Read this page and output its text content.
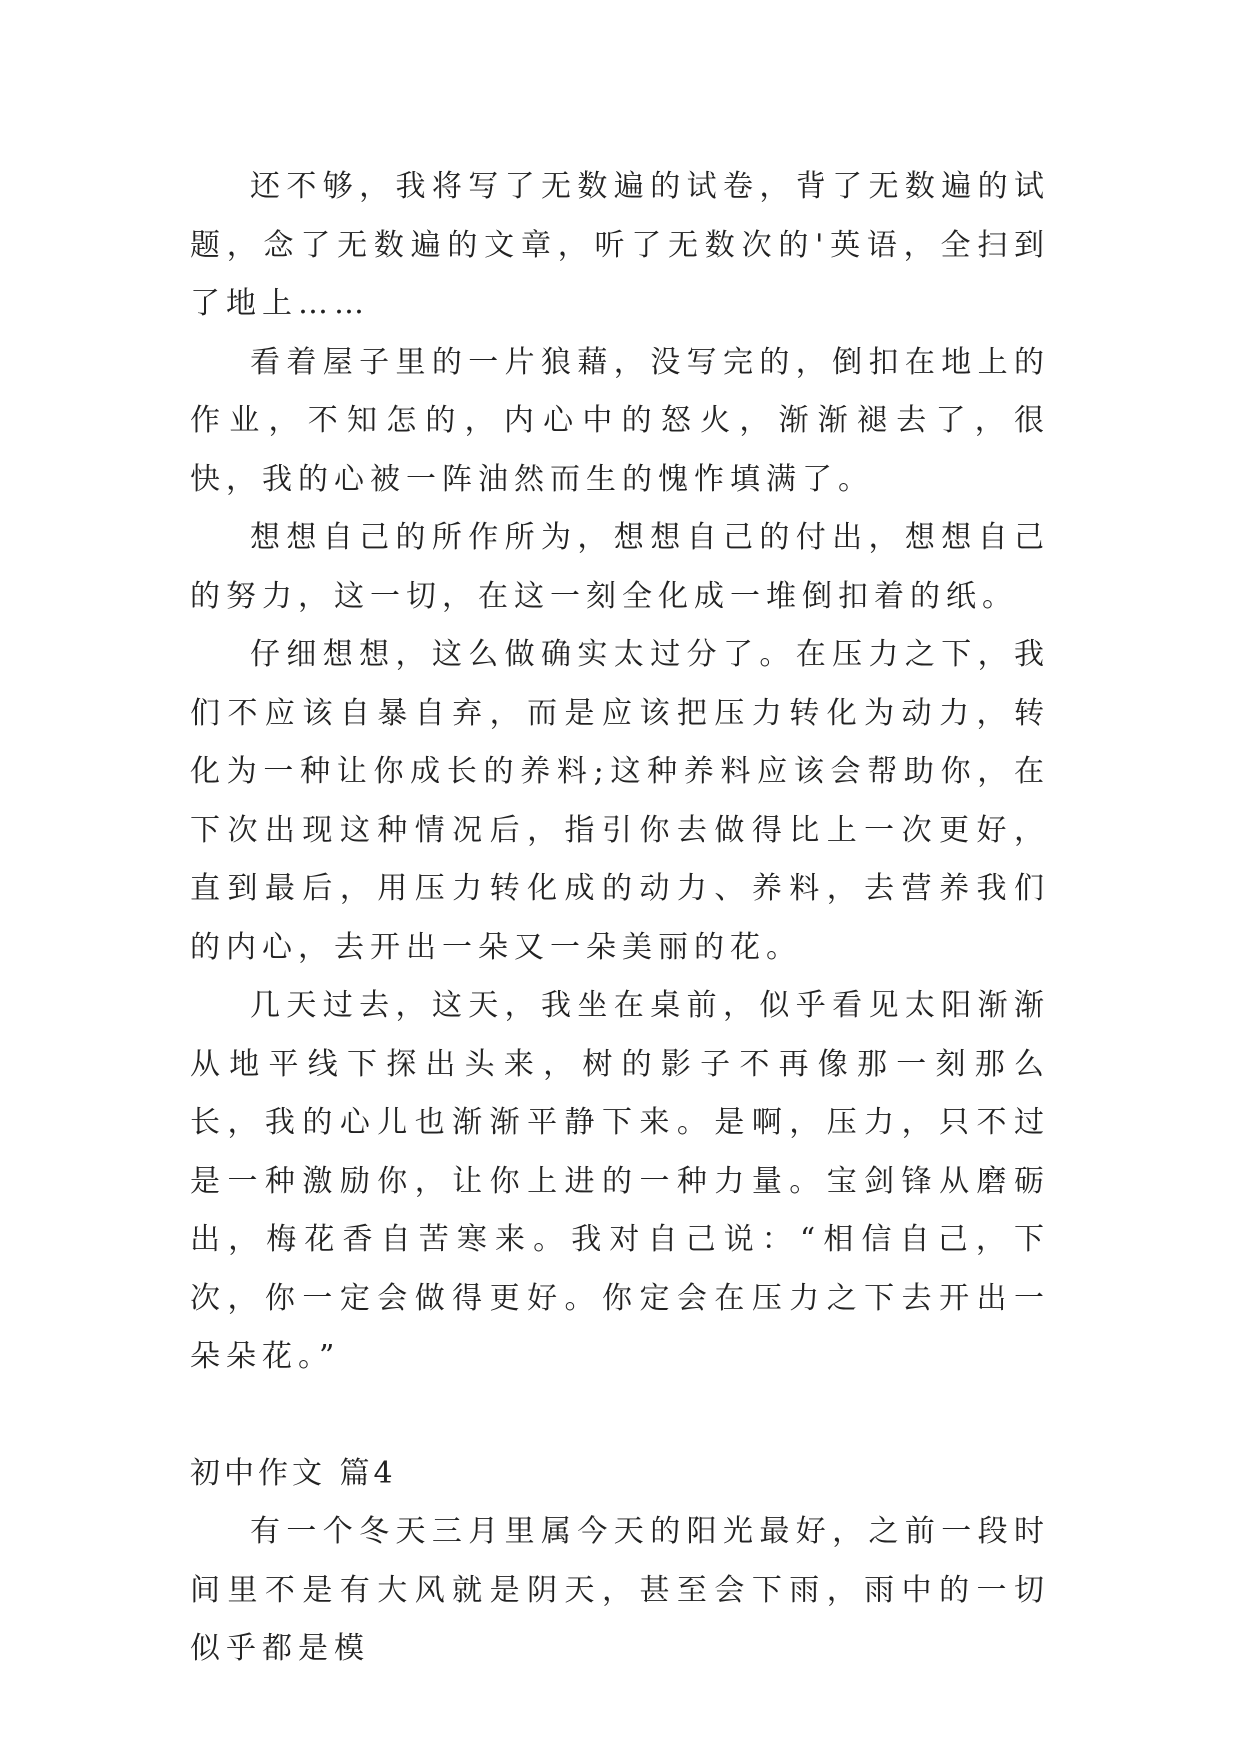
还不够，我将写了无数遍的试卷，背了无数遍的试题，念了无数遍的文章，听了无数次的'英语，全扫到了地上……

看着屋子里的一片狼藉，没写完的，倒扣在地上的作业，不知怎的，内心中的怒火，渐渐褪去了，很快，我的心被一阵油然而生的愧怍填满了。

想想自己的所作所为，想想自己的付出，想想自己的努力，这一切，在这一刻全化成一堆倒扣着的纸。

仔细想想，这么做确实太过分了。在压力之下，我们不应该自暴自弃，而是应该把压力转化为动力，转化为一种让你成长的养料;这种养料应该会帮助你，在下次出现这种情况后，指引你去做得比上一次更好，直到最后，用压力转化成的动力、养料，去营养我们的内心，去开出一朵又一朵美丽的花。

几天过去，这天，我坐在桌前，似乎看见太阳渐渐从地平线下探出头来，树的影子不再像那一刻那么长，我的心儿也渐渐平静下来。是啊，压力，只不过是一种激励你，让你上进的一种力量。宝剑锋从磨砺出，梅花香自苦寒来。我对自己说：“相信自己，下次，你一定会做得更好。你定会在压力之下去开出一朵朵花。”

初中作文 篇4

有一个冬天三月里属今天的阳光最好，之前一段时间里不是有大风就是阴天，甚至会下雨，雨中的一切似乎都是模
